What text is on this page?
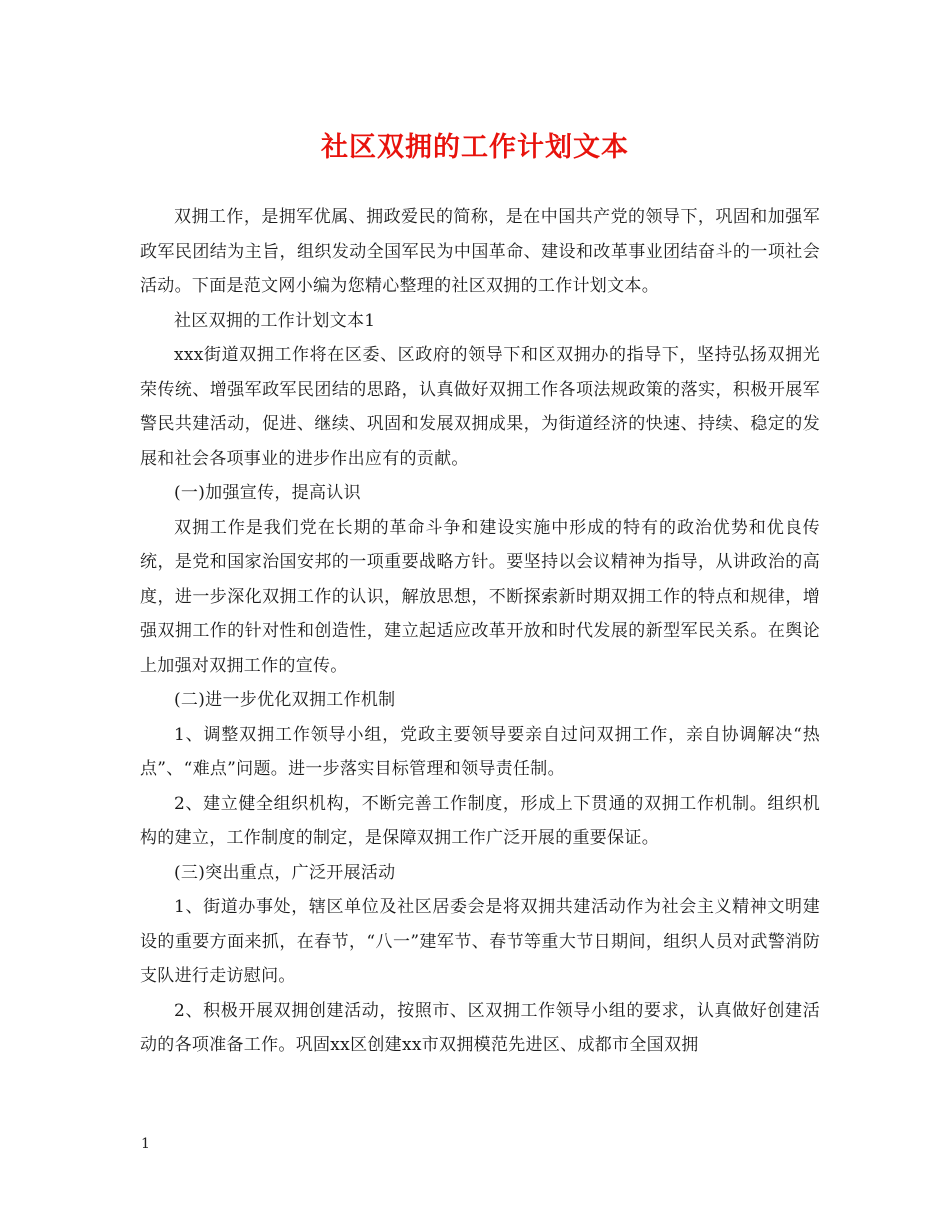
社区双拥的工作计划文本

双拥工作，是拥军优属、拥政爱民的简称，是在中国共产党的领导下，巩固和加强军政军民团结为主旨，组织发动全国军民为中国革命、建设和改革事业团结奋斗的一项社会活动。下面是范文网小编为您精心整理的社区双拥的工作计划文本。

社区双拥的工作计划文本1

xxx街道双拥工作将在区委、区政府的领导下和区双拥办的指导下，坚持弘扬双拥光荣传统、增强军政军民团结的思路，认真做好双拥工作各项法规政策的落实，积极开展军警民共建活动，促进、继续、巩固和发展双拥成果，为街道经济的快速、持续、稳定的发展和社会各项事业的进步作出应有的贡献。

(一)加强宣传，提高认识

双拥工作是我们党在长期的革命斗争和建设实施中形成的特有的政治优势和优良传统，是党和国家治国安邦的一项重要战略方针。要坚持以会议精神为指导，从讲政治的高度，进一步深化双拥工作的认识，解放思想，不断探索新时期双拥工作的特点和规律，增强双拥工作的针对性和创造性，建立起适应改革开放和时代发展的新型军民关系。在舆论上加强对双拥工作的宣传。

(二)进一步优化双拥工作机制

1、调整双拥工作领导小组，党政主要领导要亲自过问双拥工作，亲自协调解决“热点”、“难点”问题。进一步落实目标管理和领导责任制。

2、建立健全组织机构，不断完善工作制度，形成上下贯通的双拥工作机制。组织机构的建立，工作制度的制定，是保障双拥工作广泛开展的重要保证。

(三)突出重点，广泛开展活动

1、街道办事处，辖区单位及社区居委会是将双拥共建活动作为社会主义精神文明建设的重要方面来抓，在春节，“八一”建军节、春节等重大节日期间，组织人员对武警消防支队进行走访慰问。

2、积极开展双拥创建活动，按照市、区双拥工作领导小组的要求，认真做好创建活动的各项准备工作。巩固xx区创建xx市双拥模范先进区、成都市全国双拥

1
